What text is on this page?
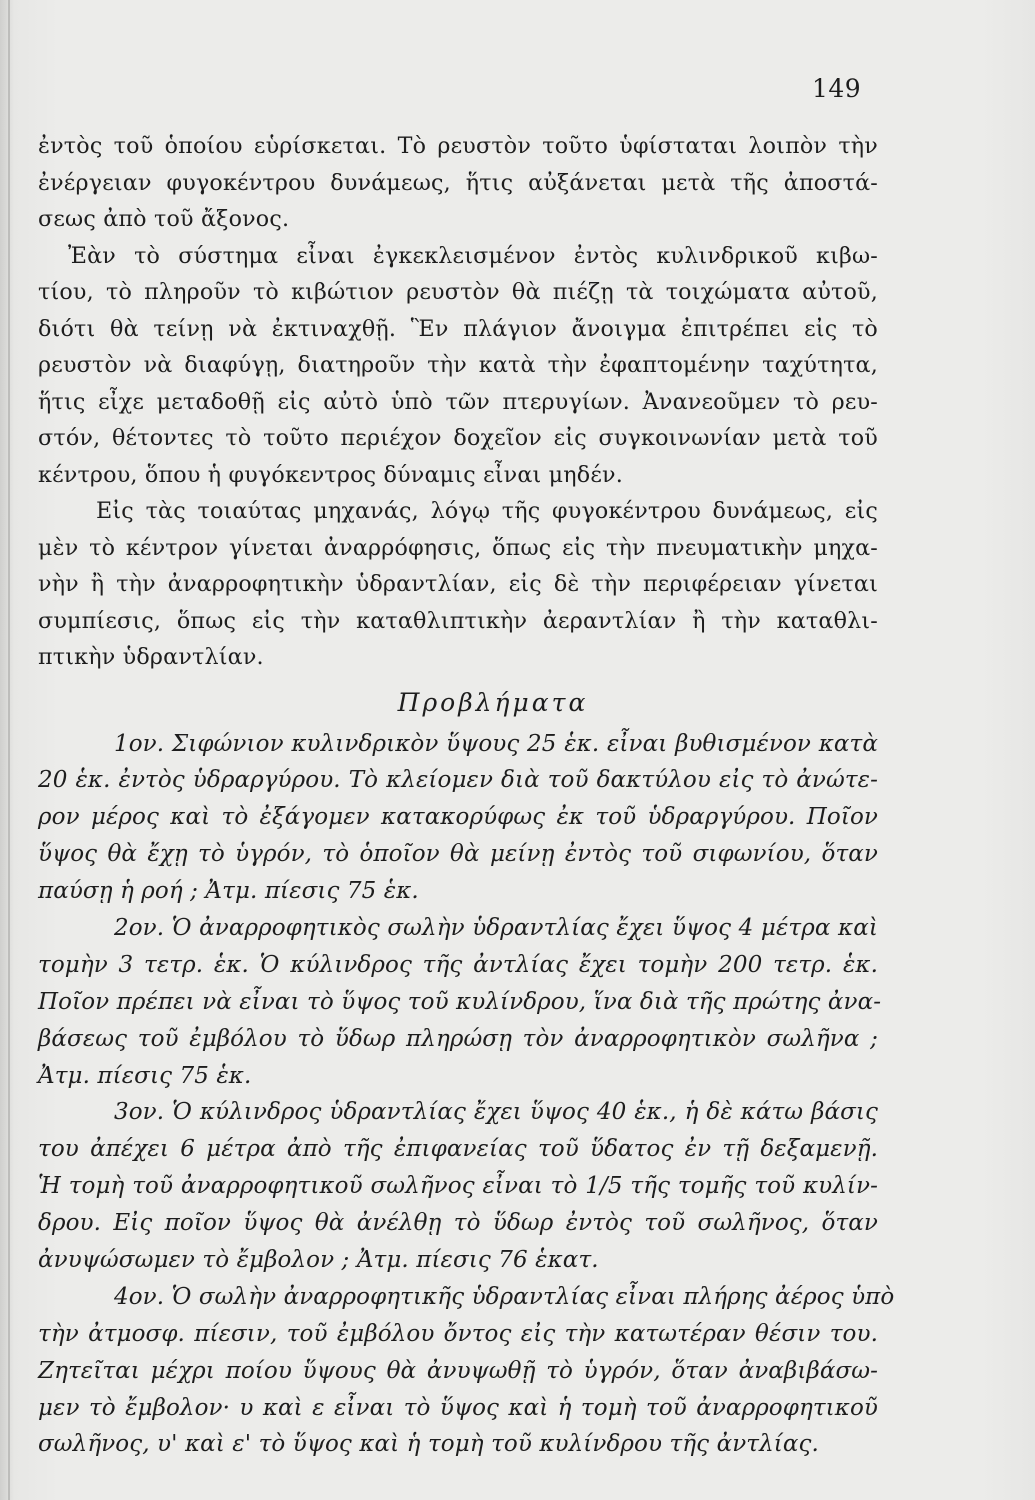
149
ἐντὸς τοῦ ὁποίου εὑρίσκεται. Τὸ ρευστὸν τοῦτο ὑφίσταται λοιπὸν τὴν
ἐνέργειαν φυγοκέντρου δυνάμεως, ἥτις αὐξάνεται μετὰ τῆς ἀποστά-
σεως ἀπὸ τοῦ ἄξονος.
Ἐὰν τὸ σύστημα εἶναι ἐγκεκλεισμένον ἐντὸς κυλινδρικοῦ κιβω-
τίου, τὸ πληροῦν τὸ κιβώτιον ρευστὸν θὰ πιέζῃ τὰ τοιχώματα αὐτοῦ,
διότι θὰ τείνῃ νὰ ἐκτιναχθῇ. Ἓν πλάγιον ἄνοιγμα ἐπιτρέπει εἰς τὸ
ρευστὸν νὰ διαφύγῃ, διατηροῦν τὴν κατὰ τὴν ἐφαπτομένην ταχύτητα,
ἥτις εἶχε μεταδοθῇ εἰς αὐτὸ ὑπὸ τῶν πτερυγίων. Ἀνανεοῦμεν τὸ ρευ-
στόν, θέτοντες τὸ τοῦτο περιέχον δοχεῖον εἰς συγκοινωνίαν μετὰ τοῦ
κέντρου, ὅπου ἡ φυγόκεντρος δύναμις εἶναι μηδέν.
Εἰς τὰς τοιαύτας μηχανάς, λόγῳ τῆς φυγοκέντρου δυνάμεως, εἰς
μὲν τὸ κέντρον γίνεται ἀναρρόφησις, ὅπως εἰς τὴν πνευματικὴν μηχα-
νὴν ἢ τὴν ἀναρροφητικὴν ὑδραντλίαν, εἰς δὲ τὴν περιφέρειαν γίνεται
συμπίεσις, ὅπως εἰς τὴν καταθλιπτικὴν ἀεραντλίαν ἢ τὴν καταθλι-
πτικὴν ὑδραντλίαν.
Προβλήματα
1ον. Σιφώνιον κυλινδρικὸν ὕψους 25 ἑκ. εἶναι βυθισμένον κατὰ
20 ἑκ. ἐντὸς ὑδραργύρου. Τὸ κλείομεν διὰ τοῦ δακτύλου εἰς τὸ ἀνώτε-
ρον μέρος καὶ τὸ ἐξάγομεν κατακορύφως ἐκ τοῦ ὑδραργύρου. Ποῖον
ὕψος θὰ ἔχῃ τὸ ὑγρόν, τὸ ὁποῖον θὰ μείνῃ ἐντὸς τοῦ σιφωνίου, ὅταν
παύσῃ ἡ ροή ; Ἀτμ. πίεσις 75 ἑκ.
2ον. Ὁ ἀναρροφητικὸς σωλὴν ὑδραντλίας ἔχει ὕψος 4 μέτρα καὶ
τομὴν 3 τετρ. ἑκ. Ὁ κύλινδρος τῆς ἀντλίας ἔχει τομὴν 200 τετρ. ἑκ.
Ποῖον πρέπει νὰ εἶναι τὸ ὕψος τοῦ κυλίνδρου, ἵνα διὰ τῆς πρώτης ἀνα-
βάσεως τοῦ ἐμβόλου τὸ ὕδωρ πληρώσῃ τὸν ἀναρροφητικὸν σωλῆνα ;
Ἀτμ. πίεσις 75 ἑκ.
3ον. Ὁ κύλινδρος ὑδραντλίας ἔχει ὕψος 40 ἑκ., ἡ δὲ κάτω βάσις
του ἀπέχει 6 μέτρα ἀπὸ τῆς ἐπιφανείας τοῦ ὕδατος ἐν τῇ δεξαμενῇ.
Ἡ τομὴ τοῦ ἀναρροφητικοῦ σωλῆνος εἶναι τὸ 1/5 τῆς τομῆς τοῦ κυλίν-
δρου. Εἰς ποῖον ὕψος θὰ ἀνέλθῃ τὸ ὕδωρ ἐντὸς τοῦ σωλῆνος, ὅταν
ἀνυψώσωμεν τὸ ἔμβολον ; Ἀτμ. πίεσις 76 ἑκατ.
4ον. Ὁ σωλὴν ἀναρροφητικῆς ὑδραντλίας εἶναι πλήρης ἀέρος ὑπὸ
τὴν ἀτμοσφ. πίεσιν, τοῦ ἐμβόλου ὄντος εἰς τὴν κατωτέραν θέσιν του.
Ζητεῖται μέχρι ποίου ὕψους θὰ ἀνυψωθῇ τὸ ὑγρόν, ὅταν ἀναβιβάσω-
μεν τὸ ἔμβολον· υ καὶ ε εἶναι τὸ ὕψος καὶ ἡ τομὴ τοῦ ἀναρροφητικοῦ
σωλῆνος, υ' καὶ ε' τὸ ὕψος καὶ ἡ τομὴ τοῦ κυλίνδρου τῆς ἀντλίας.
